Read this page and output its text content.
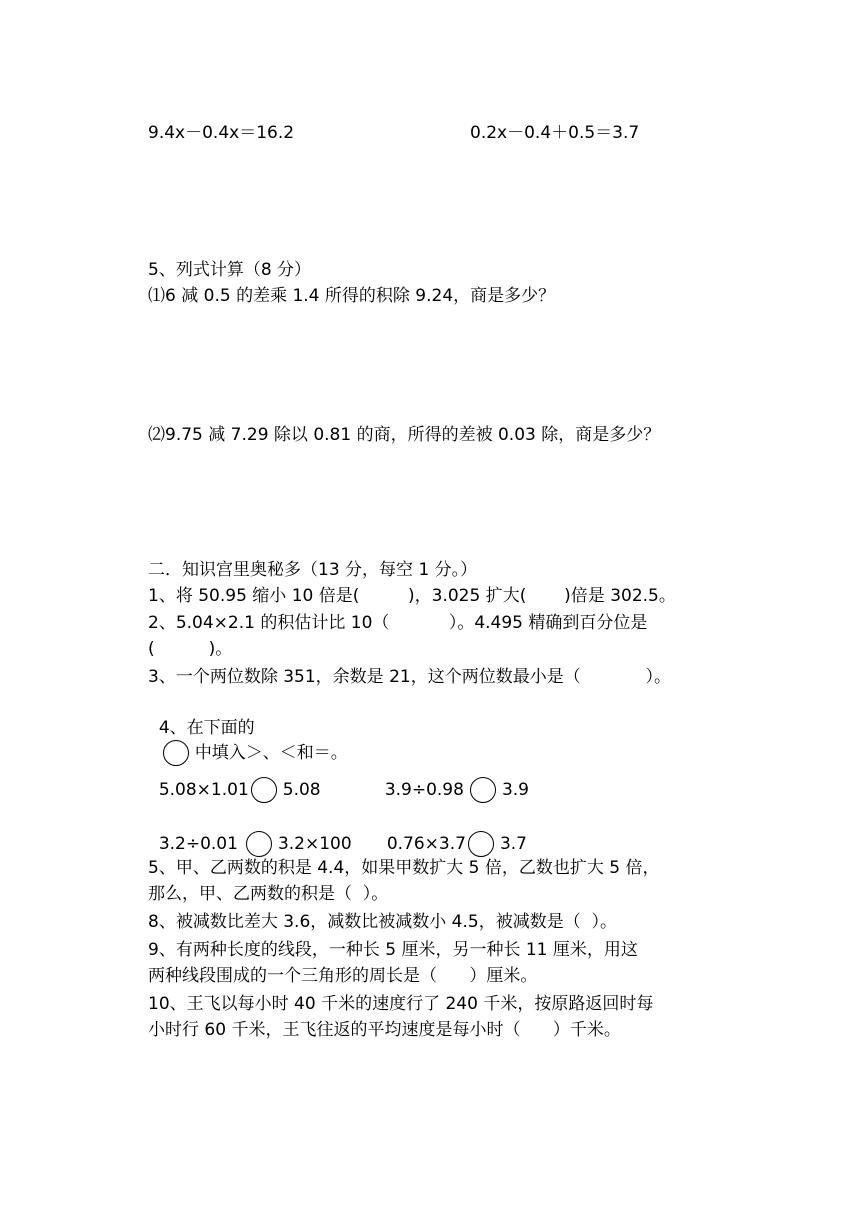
9.4x－0.4x＝16.2	0.2x－0.4＋0.5＝3.7
5、列式计算（8 分）
⑴6 减 0.5 的差乘 1.4 所得的积除 9.24，商是多少？
⑵9.75 减 7.29 除以 0.81 的商，所得的差被 0.03 除，商是多少？
二．知识宫里奥秘多（13 分，每空 1 分。）
1、将 50.95 缩小 10 倍是(         )，3.025 扩大(       )倍是 302.5。
2、5.04×2.1 的积估计比 10（           ）。4.495 精确到百分位是
(          )。
3、一个两位数除 351，余数是 21，这个两位数最小是（            ）。

4、在下面的
中填入＞、＜和＝。

5.08×1.01 5.08	3.9÷0.98 3.9

3.2÷0.01 3.2×100	0.76×3.7 3.7

5、甲、乙两数的积是 4.4，如果甲数扩大 5 倍，乙数也扩大 5 倍，
那么，甲、乙两数的积是（  ）。
8、被减数比差大 3.6，减数比被减数小 4.5，被减数是（  ）。
9、有两种长度的线段，一种长 5 厘米，另一种长 11 厘米，用这
两种线段围成的一个三角形的周长是（      ）厘米。
10、王飞以每小时 40 千米的速度行了 240 千米，按原路返回时每
小时行 60 千米，王飞往返的平均速度是每小时（      ）千米。
